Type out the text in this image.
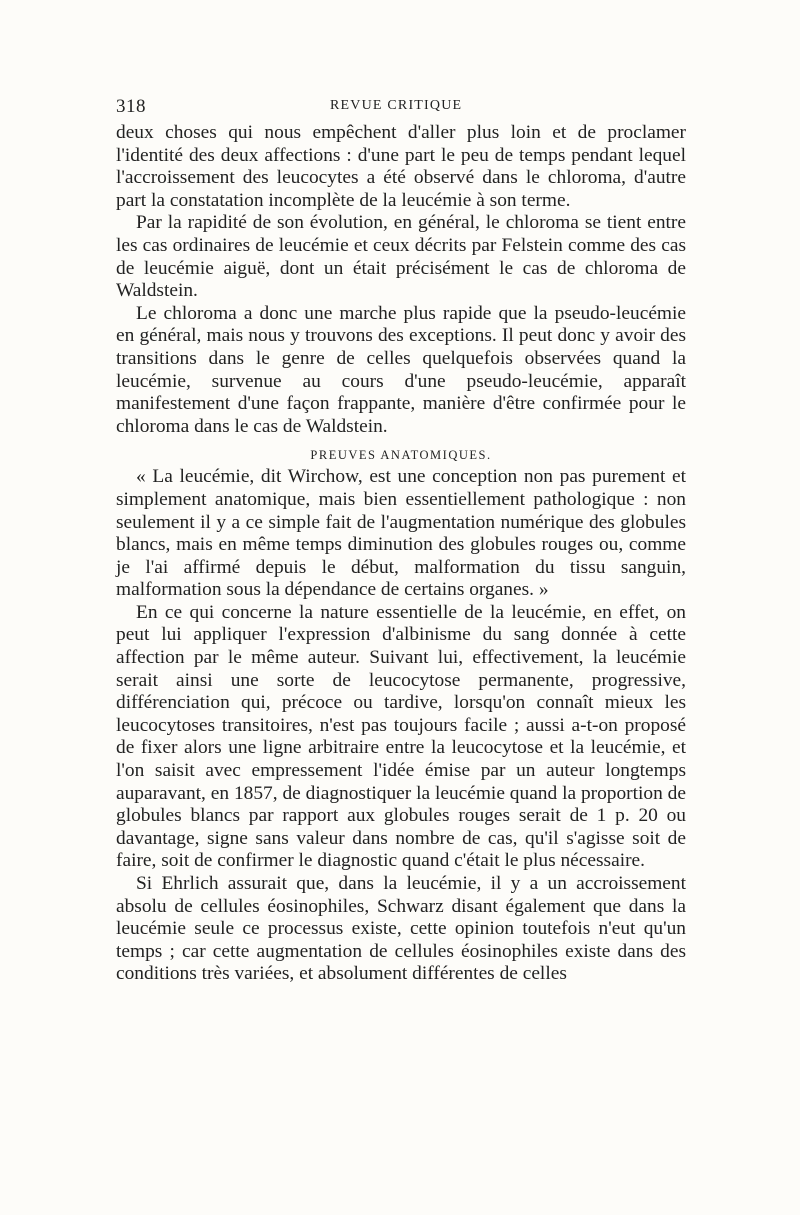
318	REVUE CRITIQUE

deux choses qui nous empêchent d'aller plus loin et de proclamer l'identité des deux affections : d'une part le peu de temps pendant lequel l'accroissement des leucocytes a été observé dans le chloroma, d'autre part la constatation incomplète de la leucémie à son terme.

Par la rapidité de son évolution, en général, le chloroma se tient entre les cas ordinaires de leucémie et ceux décrits par Felstein comme des cas de leucémie aiguë, dont un était précisément le cas de chloroma de Waldstein.

Le chloroma a donc une marche plus rapide que la pseudo-leucémie en général, mais nous y trouvons des exceptions. Il peut donc y avoir des transitions dans le genre de celles quelquefois observées quand la leucémie, survenue au cours d'une pseudo-leucémie, apparaît manifestement d'une façon frappante, manière d'être confirmée pour le chloroma dans le cas de Waldstein.

PREUVES ANATOMIQUES.

« La leucémie, dit Wirchow, est une conception non pas purement et simplement anatomique, mais bien essentiellement pathologique : non seulement il y a ce simple fait de l'augmentation numérique des globules blancs, mais en même temps diminution des globules rouges ou, comme je l'ai affirmé depuis le début, malformation du tissu sanguin, malformation sous la dépendance de certains organes. »

En ce qui concerne la nature essentielle de la leucémie, en effet, on peut lui appliquer l'expression d'albinisme du sang donnée à cette affection par le même auteur. Suivant lui, effectivement, la leucémie serait ainsi une sorte de leucocytose permanente, progressive, différenciation qui, précoce ou tardive, lorsqu'on connaît mieux les leucocytoses transitoires, n'est pas toujours facile ; aussi a-t-on proposé de fixer alors une ligne arbitraire entre la leucocytose et la leucémie, et l'on saisit avec empressement l'idée émise par un auteur longtemps auparavant, en 1857, de diagnostiquer la leucémie quand la proportion de globules blancs par rapport aux globules rouges serait de 1 p. 20 ou davantage, signe sans valeur dans nombre de cas, qu'il s'agisse soit de faire, soit de confirmer le diagnostic quand c'était le plus nécessaire.

Si Ehrlich assurait que, dans la leucémie, il y a un accroissement absolu de cellules éosinophiles, Schwarz disant également que dans la leucémie seule ce processus existe, cette opinion toutefois n'eut qu'un temps ; car cette augmentation de cellules éosinophiles existe dans des conditions très variées, et absolument différentes de celles
